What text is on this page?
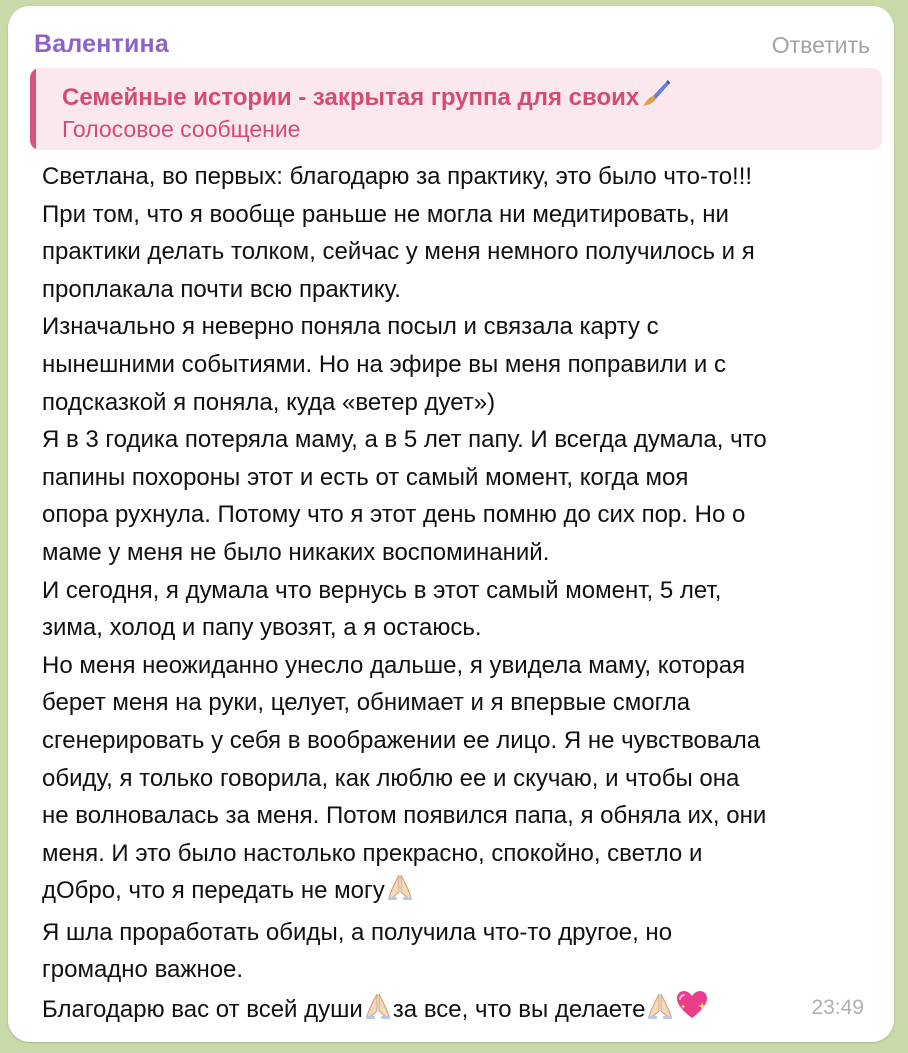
Валентина	Ответить
Семейные истории - закрытая группа для своих
Голосовое сообщение
Светлана, во первых: благодарю за практику, это было что-то!!!
При том, что я вообще раньше не могла ни медитировать, ни
практики делать толком, сейчас у меня немного получилось и я
проплакала почти всю практику.
Изначально я неверно поняла посыл и связала карту с
нынешними событиями. Но на эфире вы меня поправили и с
подсказкой я поняла, куда «ветер дует»)
Я в 3 годика потеряла маму, а в 5 лет папу. И всегда думала, что
папины похороны этот и есть от самый момент, когда моя
опора рухнула. Потому что я этот день помню до сих пор. Но о
маме у меня не было никаких воспоминаний.
И сегодня, я думала что вернусь в этот самый момент, 5 лет,
зима, холод и папу увозят, а я остаюсь.
Но меня неожиданно унесло дальше, я увидела маму, которая
берет меня на руки, целует, обнимает и я впервые смогла
сгенерировать у себя в воображении ее лицо. Я не чувствовала
обиду, я только говорила, как люблю ее и скучаю, и чтобы она
не волновалась за меня. Потом появился папа, я обняла их, они
меня. И это было настолько прекрасно, спокойно, светло и
дОбро, что я передать не могу
Я шла проработать обиды, а получила что-то другое, но
громадно важное.
Благодарю вас от всей души за все, что вы делаете	23:49
